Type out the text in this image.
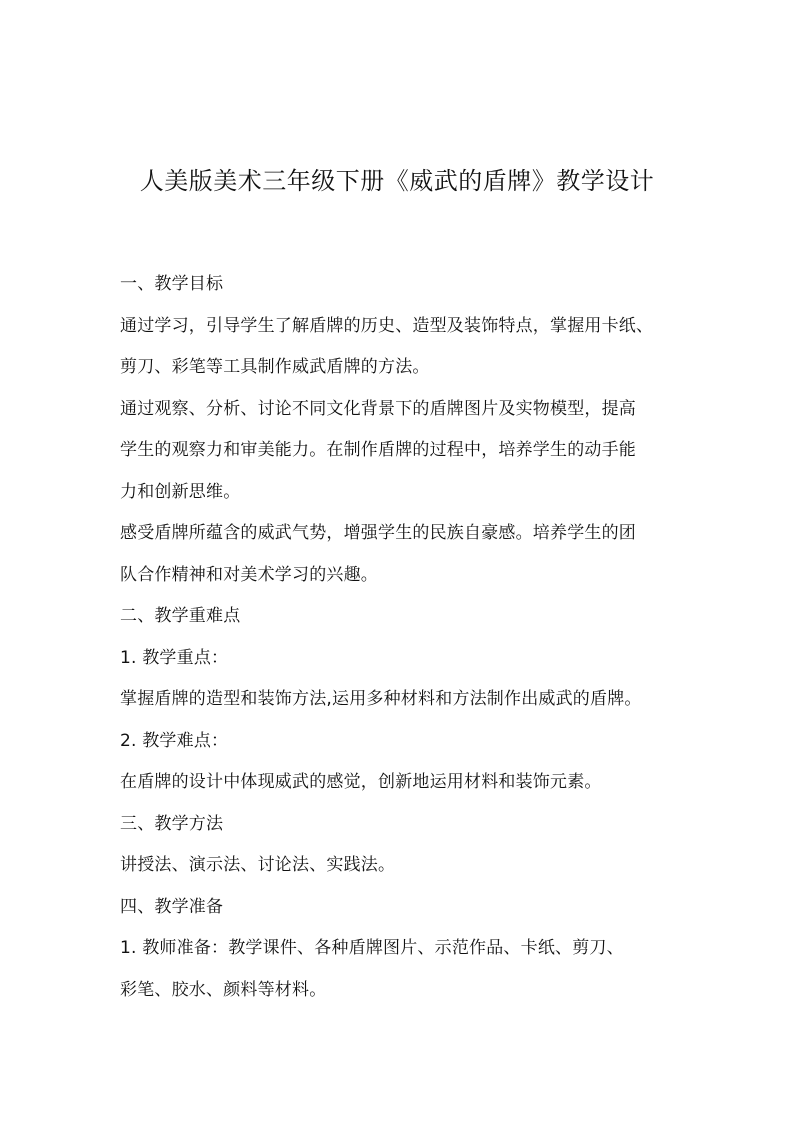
人美版美术三年级下册《威武的盾牌》教学设计
一、教学目标
通过学习，引导学生了解盾牌的历史、造型及装饰特点，掌握用卡纸、
剪刀、彩笔等工具制作威武盾牌的方法。
通过观察、分析、讨论不同文化背景下的盾牌图片及实物模型，提高
学生的观察力和审美能力。在制作盾牌的过程中，培养学生的动手能
力和创新思维。
感受盾牌所蕴含的威武气势，增强学生的民族自豪感。培养学生的团
队合作精神和对美术学习的兴趣。
二、教学重难点
1. 教学重点：
掌握盾牌的造型和装饰方法,运用多种材料和方法制作出威武的盾牌。
2. 教学难点：
在盾牌的设计中体现威武的感觉，创新地运用材料和装饰元素。
三、教学方法
讲授法、演示法、讨论法、实践法。
四、教学准备
1. 教师准备：教学课件、各种盾牌图片、示范作品、卡纸、剪刀、
彩笔、胶水、颜料等材料。
